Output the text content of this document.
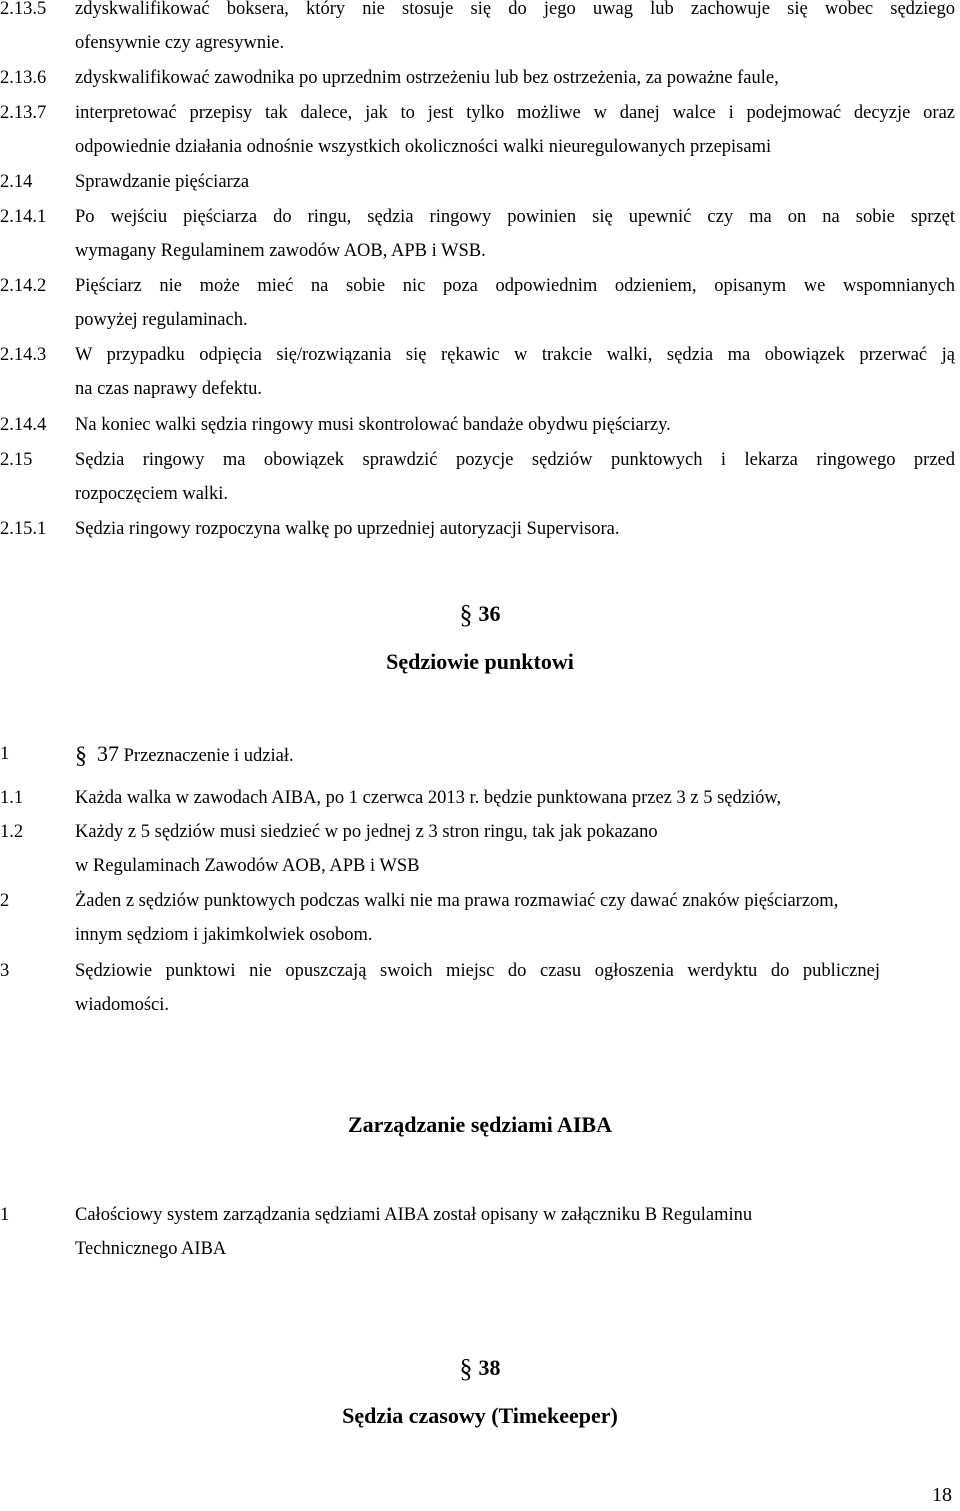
2.13.5 zdyskwalifikować boksera, który nie stosuje się do jego uwag lub zachowuje się wobec sędziego
ofensywnie czy agresywnie.
2.13.6 zdyskwalifikować zawodnika po uprzednim ostrzeżeniu lub bez ostrzeżenia, za poważne faule,
2.13.7 interpretować przepisy tak dalece, jak to jest tylko możliwe w danej walce i podejmować decyzje oraz
odpowiednie działania odnośnie wszystkich okoliczności walki nieuregulowanych przepisami
2.14 Sprawdzanie pięściarza
2.14.1 Po wejściu pięściarza do ringu, sędzia ringowy powinien się upewnić czy ma on na sobie sprzęt
wymagany Regulaminem zawodów AOB, APB i WSB.
2.14.2 Pięściarz nie może mieć na sobie nic poza odpowiednim odzieniem, opisanym we wspomnianych
powyżej regulaminach.
2.14.3 W przypadku odpięcia się/rozwiązania się rękawic w trakcie walki, sędzia ma obowiązek przerwać ją
na czas naprawy defektu.
2.14.4 Na koniec walki sędzia ringowy musi skontrolować bandaże obydwu pięściarzy.
2.15 Sędzia ringowy ma obowiązek sprawdzić pozycje sędziów punktowych i lekarza ringowego przed
rozpoczęciem walki.
2.15.1 Sędzia ringowy rozpoczyna walkę po uprzedniej autoryzacji Supervisora.
§ 36
Sędziowie punktowi
1	§ 37 Przeznaczenie i udział.
1.1	Każda walka w zawodach AIBA, po 1 czerwca 2013 r. będzie punktowana przez 3 z 5 sędziów,
1.2	Każdy z 5 sędziów musi siedzieć w po jednej z 3 stron ringu, tak jak pokazano
w Regulaminach Zawodów AOB, APB i WSB
2	Żaden z sędziów punktowych podczas walki nie ma prawa rozmawiać czy dawać znaków pięściarzom,
innym sędziom i jakimkolwiek osobom.
3	Sędziowie punktowi nie opuszczają swoich miejsc do czasu ogłoszenia werdyktu do publicznej
wiadomości.
Zarządzanie sędziami AIBA
1	Całościowy system zarządzania sędziami AIBA został opisany w załączniku B Regulaminu
Technicznego AIBA
§ 38
Sędzia czasowy (Timekeeper)
18
